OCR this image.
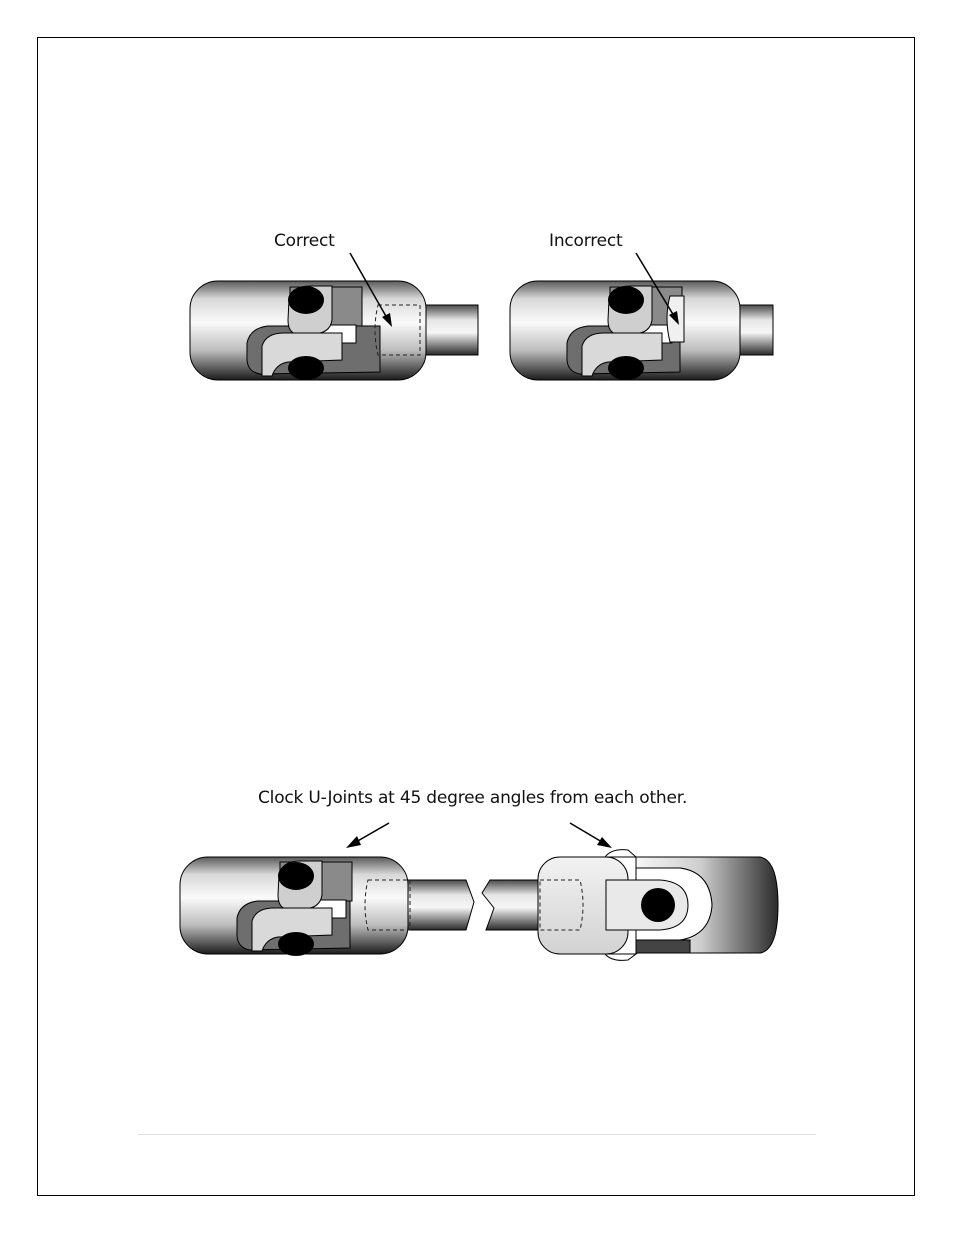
Correct	Incorrect
Clock U-Joints at 45 degree angles from each other.
